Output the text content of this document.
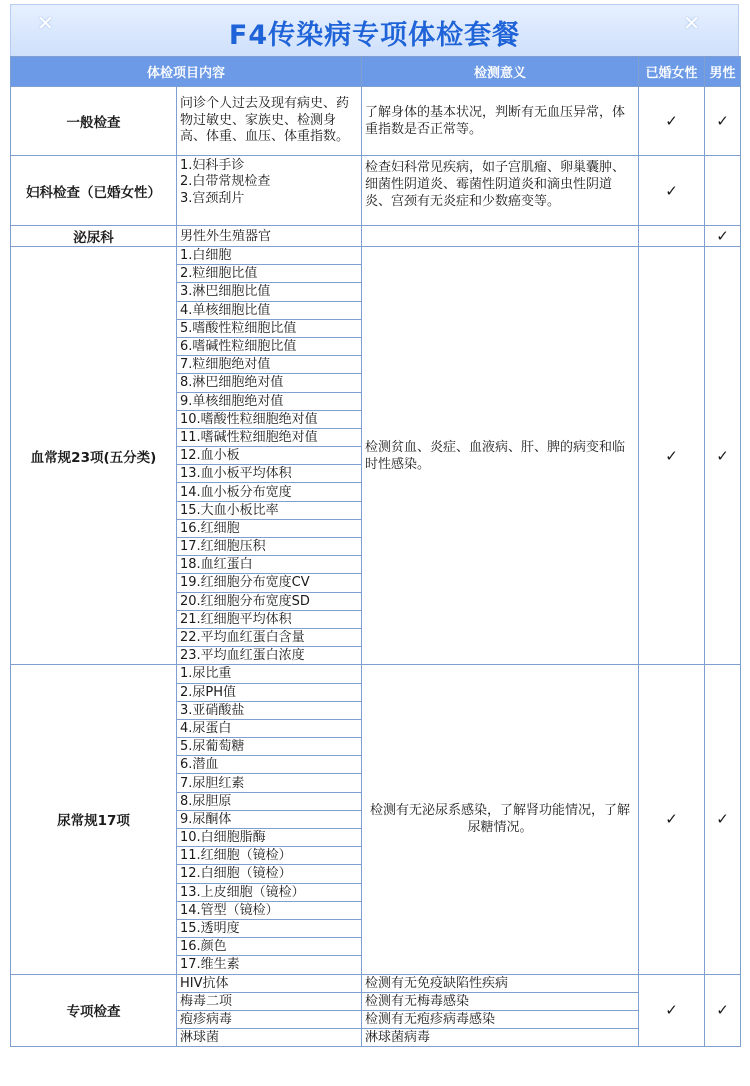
✕	F4传染病专项体检套餐	✕
体检项目内容		检测意义	已婚女性	男性
一般检查	问诊个人过去及现有病史、药物过敏史、家族史、检测身高、体重、血压、体重指数。	了解身体的基本状况，判断有无血压异常，体重指数是否正常等。	✓	✓
妇科检查（已婚女性）	1.妇科手诊
2.白带常规检查
3.宫颈刮片	检查妇科常见疾病，如子宫肌瘤、卵巢囊肿、细菌性阴道炎、霉菌性阴道炎和滴虫性阴道炎、宫颈有无炎症和少数癌变等。	✓	
泌尿科	男性外生殖器官			✓
血常规23项(五分类)	1.白细胞	检测贫血、炎症、血液病、肝、脾的病变和临时性感染。	✓	✓
	2.粒细胞比值			
	3.淋巴细胞比值			
	4.单核细胞比值			
	5.嗜酸性粒细胞比值			
	6.嗜碱性粒细胞比值			
	7.粒细胞绝对值			
	8.淋巴细胞绝对值			
	9.单核细胞绝对值			
	10.嗜酸性粒细胞绝对值			
	11.嗜碱性粒细胞绝对值			
	12.血小板			
	13.血小板平均体积			
	14.血小板分布宽度			
	15.大血小板比率			
	16.红细胞			
	17.红细胞压积			
	18.血红蛋白			
	19.红细胞分布宽度CV			
	20.红细胞分布宽度SD			
	21.红细胞平均体积			
	22.平均血红蛋白含量			
	23.平均血红蛋白浓度			
尿常规17项	1.尿比重	检测有无泌尿系感染，了解肾功能情况，了解尿糖情况。	✓	✓
	2.尿PH值			
	3.亚硝酸盐			
	4.尿蛋白			
	5.尿葡萄糖			
	6.潜血			
	7.尿胆红素			
	8.尿胆原			
	9.尿酮体			
	10.白细胞脂酶			
	11.红细胞（镜检）			
	12.白细胞（镜检）			
	13.上皮细胞（镜检）			
	14.管型（镜检）			
	15.透明度			
	16.颜色			
	17.维生素			
专项检查	HIV抗体	检测有无免疫缺陷性疾病	✓	✓
	梅毒二项	检测有无梅毒感染		
	疱疹病毒	检测有无疱疹病毒感染		
	淋球菌	淋球菌病毒		
